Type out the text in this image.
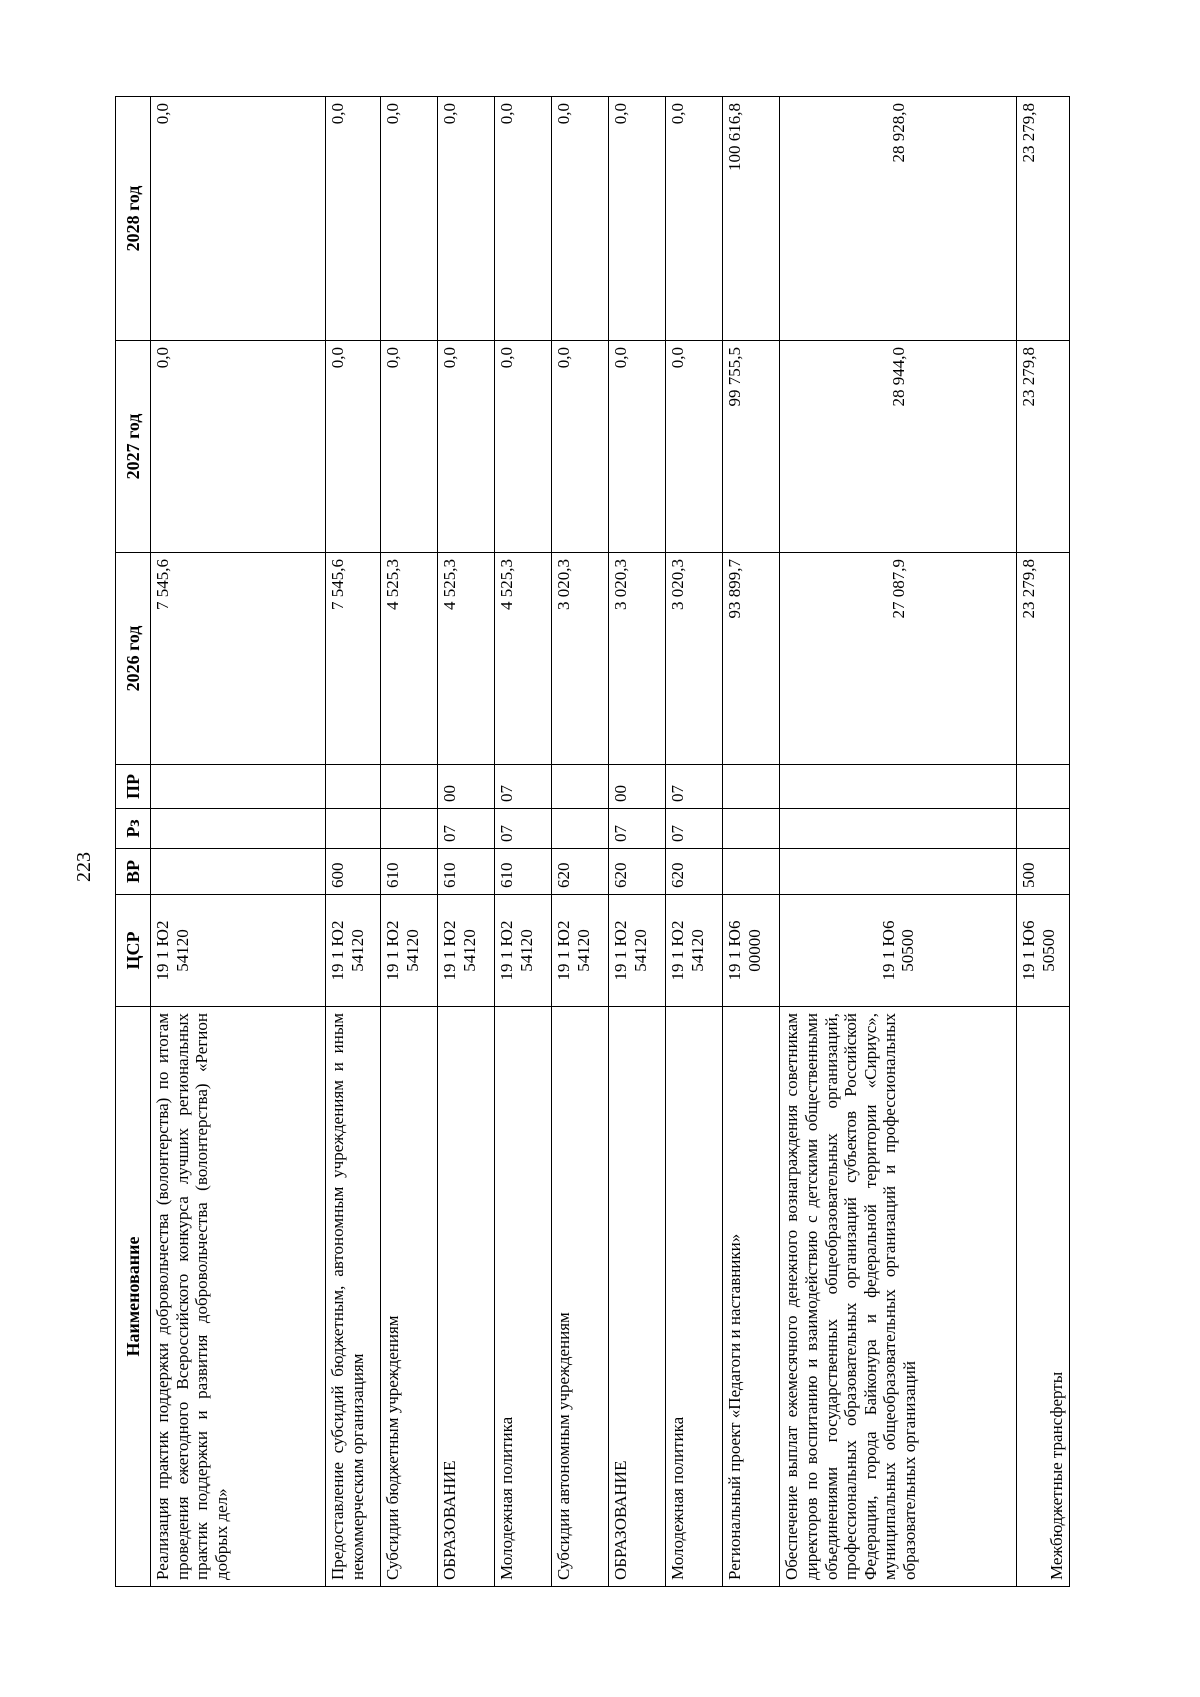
223
Наименование	ЦСР	ВР	Рз	ПР	2026 год	2027 год	2028 год
Реализация практик поддержки добровольчества (волонтерства) по итогам проведения ежегодного Всероссийского конкурса лучших региональных практик поддержки и развития добровольчества (волонтерства) «Регион добрых дел»	19 1 Ю2 54120				7 545,6	0,0	0,0
Предоставление субсидий бюджетным, автономным учреждениям и иным некоммерческим организациям	19 1 Ю2 54120	600			7 545,6	0,0	0,0
Субсидии бюджетным учреждениям	19 1 Ю2 54120	610			4 525,3	0,0	0,0
ОБРАЗОВАНИЕ	19 1 Ю2 54120	610	07	00	4 525,3	0,0	0,0
Молодежная политика	19 1 Ю2 54120	610	07	07	4 525,3	0,0	0,0
Субсидии автономным учреждениям	19 1 Ю2 54120	620			3 020,3	0,0	0,0
ОБРАЗОВАНИЕ	19 1 Ю2 54120	620	07	00	3 020,3	0,0	0,0
Молодежная политика	19 1 Ю2 54120	620	07	07	3 020,3	0,0	0,0
Региональный проект «Педагоги и наставники»	19 1 Ю6 00000				93 899,7	99 755,5	100 616,8
Обеспечение выплат ежемесячного денежного вознаграждения советникам директоров по воспитанию и взаимодействию с детскими общественными объединениями государственных общеобразовательных организаций, профессиональных образовательных организаций субъектов Российской Федерации, города Байконура и федеральной территории «Сириус», муниципальных общеобразовательных организаций и профессиональных образовательных организаций	19 1 Ю6 50500				27 087,9	28 944,0	28 928,0
Межбюджетные трансферты	19 1 Ю6 50500	500			23 279,8	23 279,8	23 279,8
